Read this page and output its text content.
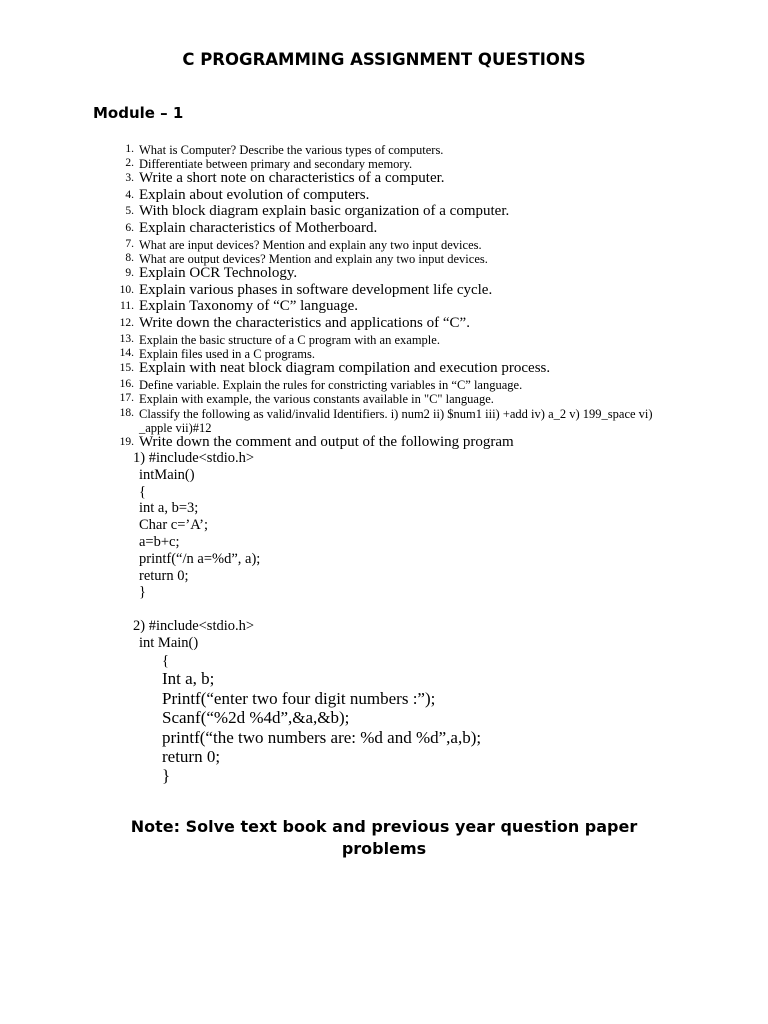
C PROGRAMMING ASSIGNMENT QUESTIONS
Module – 1
1. What is Computer? Describe the various types of computers.
2. Differentiate between primary and secondary memory.
3. Write a short note on characteristics of a computer.
4. Explain about evolution of computers.
5. With block diagram explain basic organization of a computer.
6. Explain characteristics of Motherboard.
7. What are input devices? Mention and explain any two input devices.
8. What are output devices? Mention and explain any two input devices.
9. Explain OCR Technology.
10. Explain various phases in software development life cycle.
11. Explain Taxonomy of “C” language.
12. Write down the characteristics and applications of “C”.
13. Explain the basic structure of a C program with an example.
14. Explain files used in a C programs.
15. Explain with neat block diagram compilation and execution process.
16. Define variable. Explain the rules for constricting variables in “C” language.
17. Explain with example, the various constants available in "C" language.
18. Classify the following as valid/invalid Identifiers. i) num2 ii) $num1 iii) +add iv) a_2 v) 199_space vi)
_apple vii)#12
19. Write down the comment and output of the following program
1) #include<stdio.h>
intMain()
{
int a, b=3;
Char c=’A’;
a=b+c;
printf(“/n a=%d”, a);
return 0;
}
2) #include<stdio.h>
int Main()
{
Int a, b;
Printf(“enter two four digit numbers :”);
Scanf(“%2d %4d”,&a,&b);
printf(“the two numbers are: %d and %d”,a,b);
return 0;
}
Note: Solve text book and previous year question paper problems
